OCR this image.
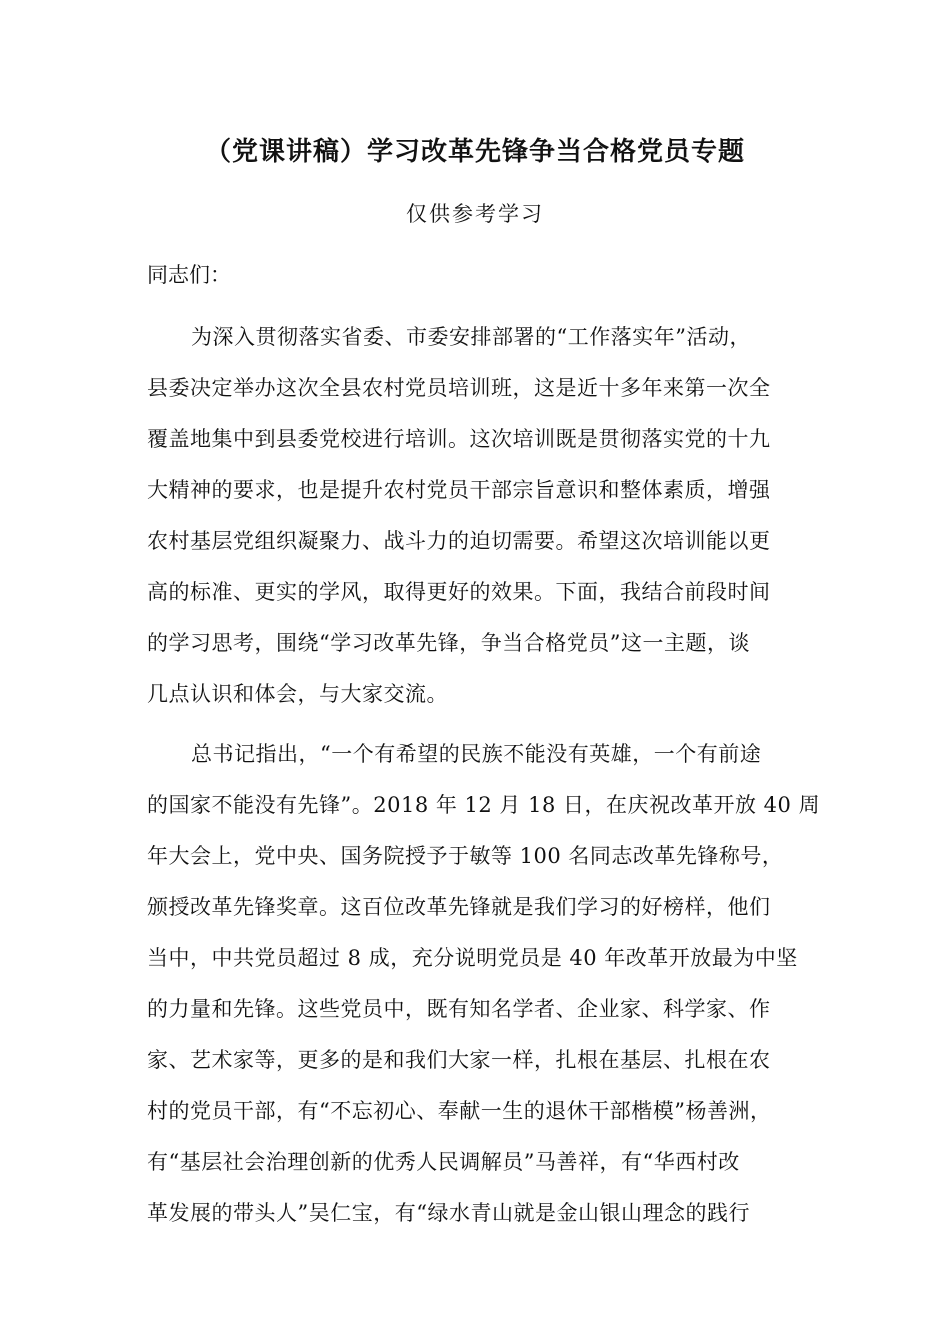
（党课讲稿）学习改革先锋争当合格党员专题
仅供参考学习
同志们：
为深入贯彻落实省委、市委安排部署的“工作落实年”活动，
县委决定举办这次全县农村党员培训班，这是近十多年来第一次全
覆盖地集中到县委党校进行培训。这次培训既是贯彻落实党的十九
大精神的要求，也是提升农村党员干部宗旨意识和整体素质，增强
农村基层党组织凝聚力、战斗力的迫切需要。希望这次培训能以更
高的标准、更实的学风，取得更好的效果。下面，我结合前段时间
的学习思考，围绕“学习改革先锋，争当合格党员”这一主题，谈
几点认识和体会，与大家交流。
总书记指出，“一个有希望的民族不能没有英雄，一个有前途
的国家不能没有先锋”。2018 年 12 月 18 日，在庆祝改革开放 40 周
年大会上，党中央、国务院授予于敏等 100 名同志改革先锋称号，
颁授改革先锋奖章。这百位改革先锋就是我们学习的好榜样，他们
当中，中共党员超过 8 成，充分说明党员是 40 年改革开放最为中坚
的力量和先锋。这些党员中，既有知名学者、企业家、科学家、作
家、艺术家等，更多的是和我们大家一样，扎根在基层、扎根在农
村的党员干部，有“不忘初心、奉献一生的退休干部楷模”杨善洲，
有“基层社会治理创新的优秀人民调解员”马善祥，有“华西村改
革发展的带头人”吴仁宝，有“绿水青山就是金山银山理念的践行
